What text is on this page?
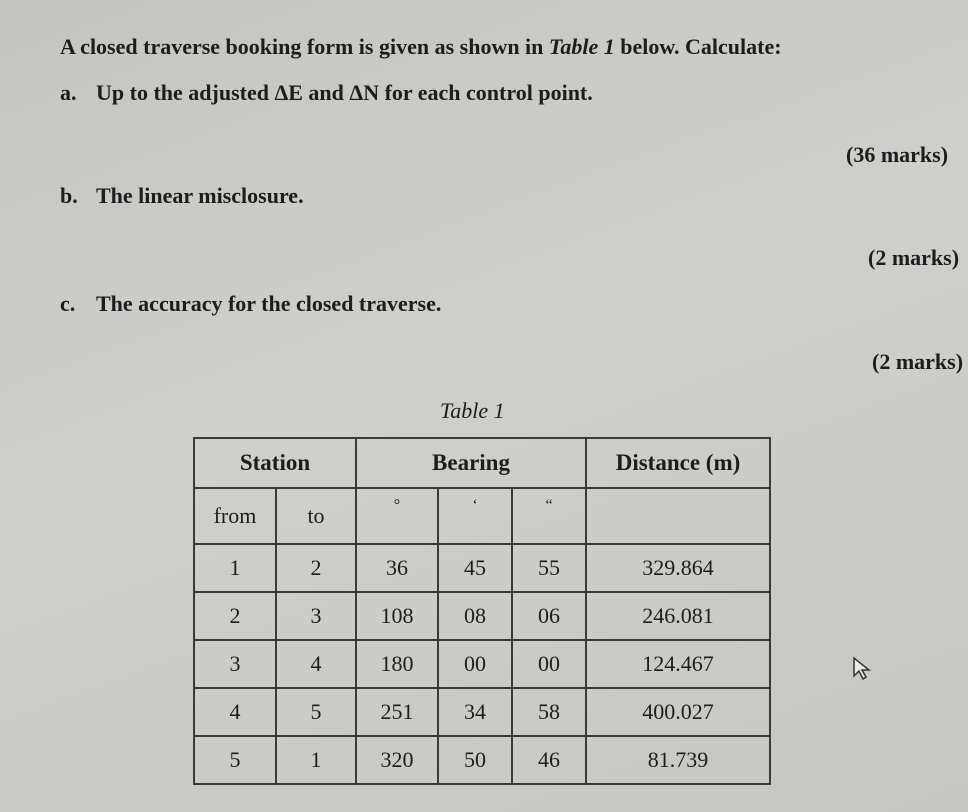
A closed traverse booking form is given as shown in Table 1 below. Calculate:
a. Up to the adjusted ΔE and ΔN for each control point.
(36 marks)
b. The linear misclosure.
(2 marks)
c. The accuracy for the closed traverse.
(2 marks)
Table 1
Station		Bearing			Distance (m)
from	to	°	‘	“	
1	2	36	45	55	329.864
2	3	108	08	06	246.081
3	4	180	00	00	124.467
4	5	251	34	58	400.027
5	1	320	50	46	81.739
